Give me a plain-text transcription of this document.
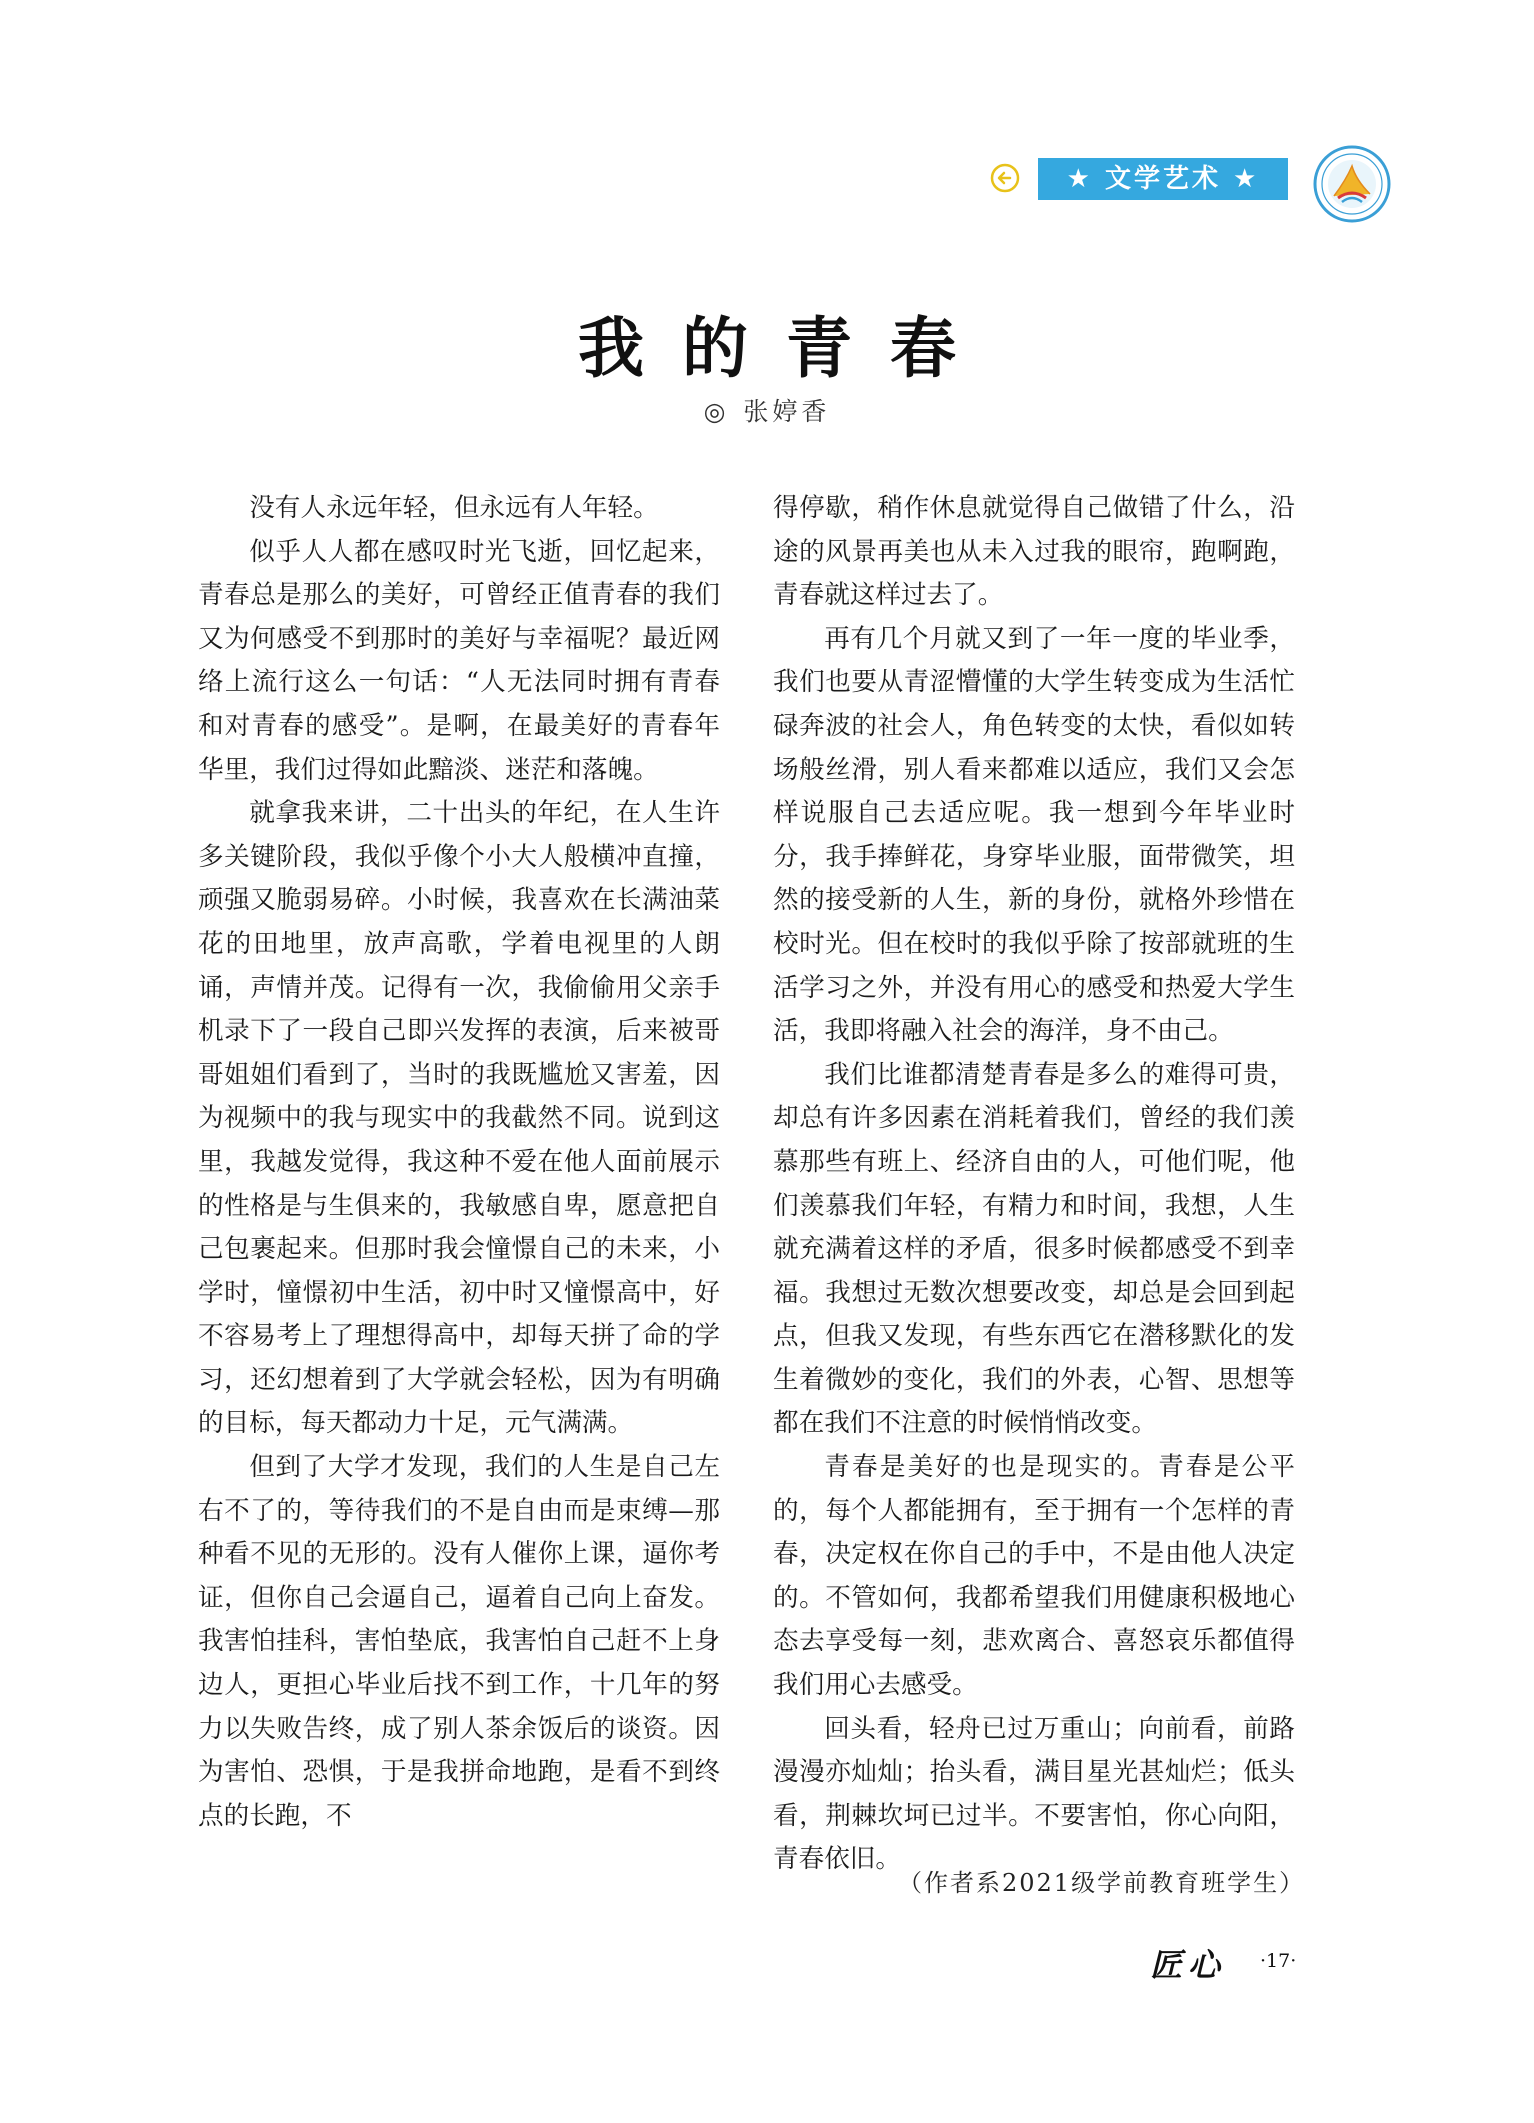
★ 文学艺术 ★
我的青春
◎ 张婷香

没有人永远年轻，但永远有人年轻。

似乎人人都在感叹时光飞逝，回忆起来，青春总是那么的美好，可曾经正值青春的我们又为何感受不到那时的美好与幸福呢？最近网络上流行这么一句话：“人无法同时拥有青春和对青春的感受”。是啊，在最美好的青春年华里，我们过得如此黯淡、迷茫和落魄。

就拿我来讲，二十出头的年纪，在人生许多关键阶段，我似乎像个小大人般横冲直撞，顽强又脆弱易碎。小时候，我喜欢在长满油菜花的田地里，放声高歌，学着电视里的人朗诵，声情并茂。记得有一次，我偷偷用父亲手机录下了一段自己即兴发挥的表演，后来被哥哥姐姐们看到了，当时的我既尴尬又害羞，因为视频中的我与现实中的我截然不同。说到这里，我越发觉得，我这种不爱在他人面前展示的性格是与生俱来的，我敏感自卑，愿意把自己包裹起来。但那时我会憧憬自己的未来，小学时，憧憬初中生活，初中时又憧憬高中，好不容易考上了理想得高中，却每天拼了命的学习，还幻想着到了大学就会轻松，因为有明确的目标，每天都动力十足，元气满满。

但到了大学才发现，我们的人生是自己左右不了的，等待我们的不是自由而是束缚—那种看不见的无形的。没有人催你上课，逼你考证，但你自己会逼自己，逼着自己向上奋发。我害怕挂科，害怕垫底，我害怕自己赶不上身边人，更担心毕业后找不到工作，十几年的努力以失败告终，成了别人茶余饭后的谈资。因为害怕、恐惧，于是我拼命地跑，是看不到终点的长跑，不

得停歇，稍作休息就觉得自己做错了什么，沿途的风景再美也从未入过我的眼帘，跑啊跑，青春就这样过去了。

再有几个月就又到了一年一度的毕业季，我们也要从青涩懵懂的大学生转变成为生活忙碌奔波的社会人，角色转变的太快，看似如转场般丝滑，别人看来都难以适应，我们又会怎样说服自己去适应呢。我一想到今年毕业时分，我手捧鲜花，身穿毕业服，面带微笑，坦然的接受新的人生，新的身份，就格外珍惜在校时光。但在校时的我似乎除了按部就班的生活学习之外，并没有用心的感受和热爱大学生活，我即将融入社会的海洋，身不由己。

我们比谁都清楚青春是多么的难得可贵，却总有许多因素在消耗着我们，曾经的我们羡慕那些有班上、经济自由的人，可他们呢，他们羡慕我们年轻，有精力和时间，我想，人生就充满着这样的矛盾，很多时候都感受不到幸福。我想过无数次想要改变，却总是会回到起点，但我又发现，有些东西它在潜移默化的发生着微妙的变化，我们的外表，心智、思想等都在我们不注意的时候悄悄改变。

青春是美好的也是现实的。青春是公平的，每个人都能拥有，至于拥有一个怎样的青春，决定权在你自己的手中，不是由他人决定的。不管如何，我都希望我们用健康积极地心态去享受每一刻，悲欢离合、喜怒哀乐都值得我们用心去感受。

回头看，轻舟已过万重山；向前看，前路漫漫亦灿灿；抬头看，满目星光甚灿烂；低头看，荆棘坎坷已过半。不要害怕，你心向阳，青春依旧。

（作者系2021级学前教育班学生）
匠心 ·17·
